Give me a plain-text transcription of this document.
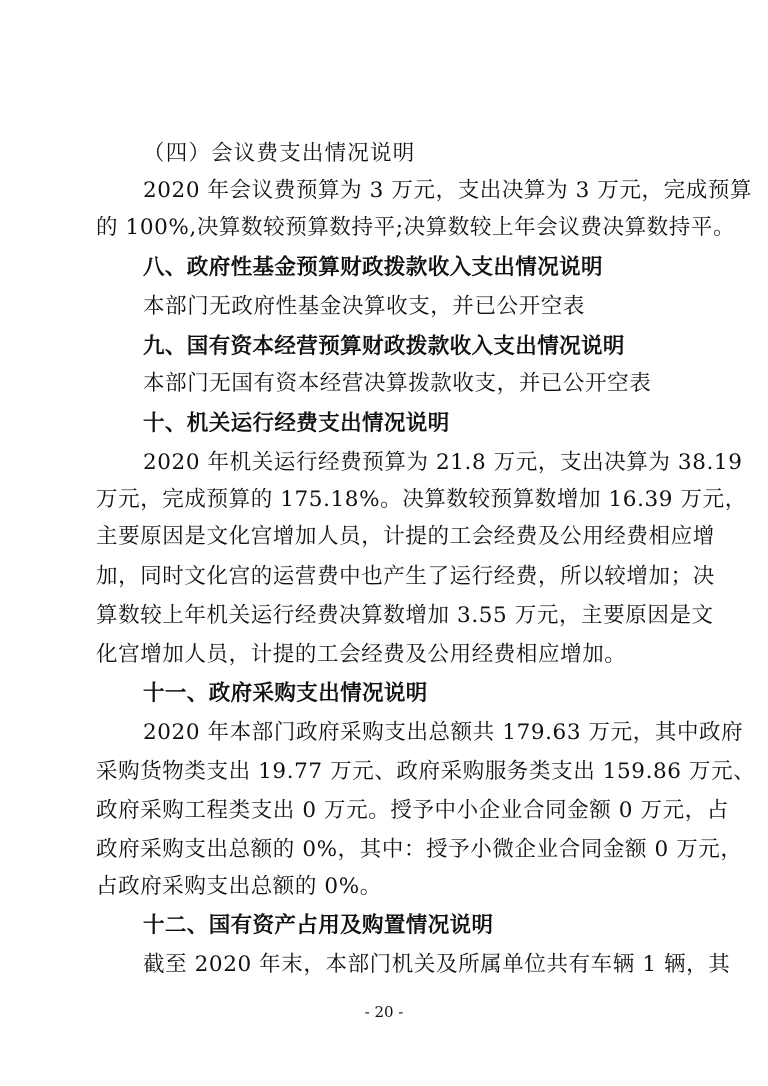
（四）会议费支出情况说明
2020 年会议费预算为 3 万元，支出决算为 3 万元，完成预算
的 100%,决算数较预算数持平;决算数较上年会议费决算数持平。
八、政府性基金预算财政拨款收入支出情况说明
本部门无政府性基金决算收支，并已公开空表
九、国有资本经营预算财政拨款收入支出情况说明
本部门无国有资本经营决算拨款收支，并已公开空表
十、机关运行经费支出情况说明
2020 年机关运行经费预算为 21.8 万元，支出决算为 38.19
万元，完成预算的 175.18%。决算数较预算数增加 16.39 万元，
主要原因是文化宫增加人员，计提的工会经费及公用经费相应增
加，同时文化宫的运营费中也产生了运行经费，所以较增加；决
算数较上年机关运行经费决算数增加 3.55 万元，主要原因是文
化宫增加人员，计提的工会经费及公用经费相应增加。
十一、政府采购支出情况说明
2020 年本部门政府采购支出总额共 179.63 万元，其中政府
采购货物类支出 19.77 万元、政府采购服务类支出 159.86 万元、
政府采购工程类支出 0 万元。授予中小企业合同金额 0 万元，占
政府采购支出总额的 0%，其中：授予小微企业合同金额 0 万元，
占政府采购支出总额的 0%。
十二、国有资产占用及购置情况说明
截至 2020 年末，本部门机关及所属单位共有车辆 1 辆，其
- 20 -
